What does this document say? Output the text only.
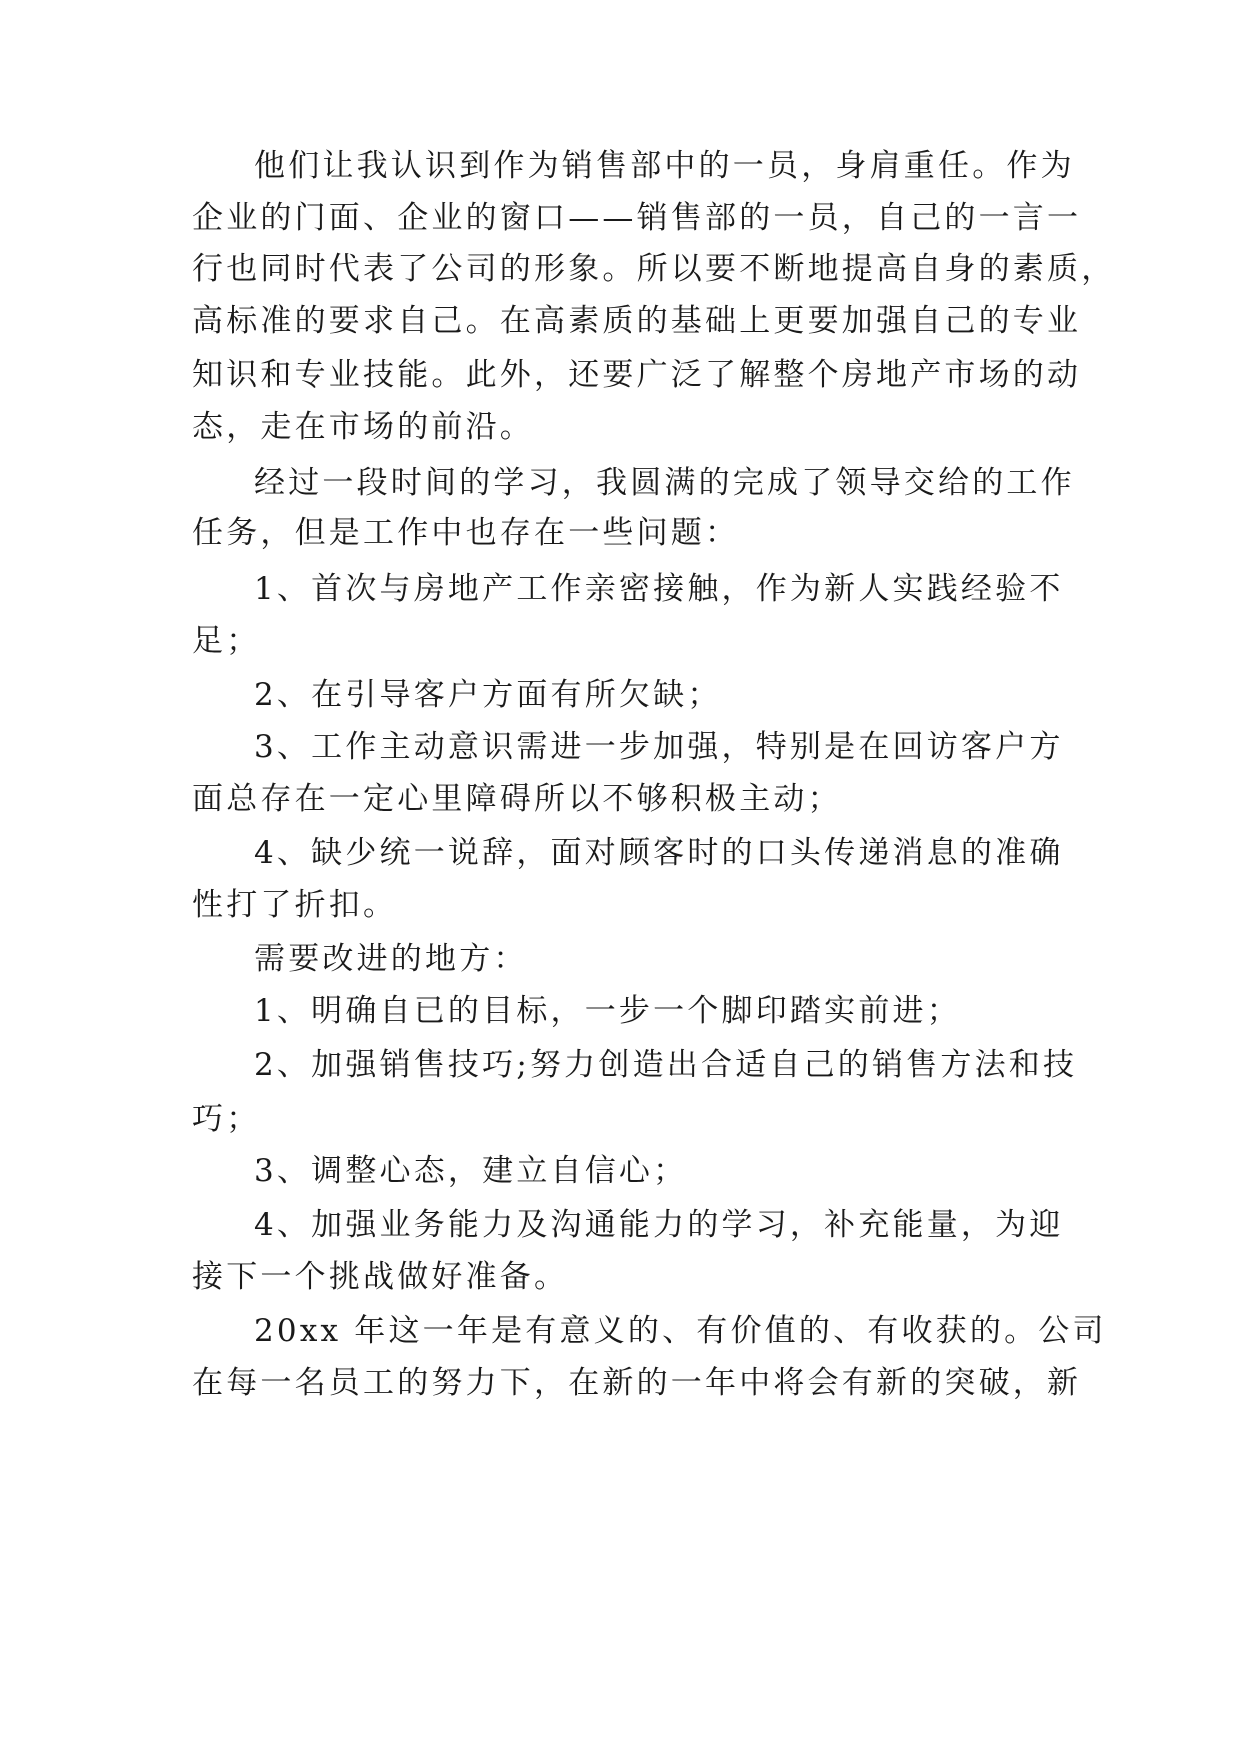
他们让我认识到作为销售部中的一员，身肩重任。作为
企业的门面、企业的窗口——销售部的一员，自己的一言一
行也同时代表了公司的形象。所以要不断地提高自身的素质，
高标准的要求自己。在高素质的基础上更要加强自己的专业
知识和专业技能。此外，还要广泛了解整个房地产市场的动
态，走在市场的前沿。
经过一段时间的学习，我圆满的完成了领导交给的工作
任务，但是工作中也存在一些问题：
1、首次与房地产工作亲密接触，作为新人实践经验不
足；
2、在引导客户方面有所欠缺；
3、工作主动意识需进一步加强，特别是在回访客户方
面总存在一定心里障碍所以不够积极主动；
4、缺少统一说辞，面对顾客时的口头传递消息的准确
性打了折扣。
需要改进的地方：
1、明确自已的目标，一步一个脚印踏实前进；
2、加强销售技巧;努力创造出合适自己的销售方法和技
巧；
3、调整心态，建立自信心；
4、加强业务能力及沟通能力的学习，补充能量，为迎
接下一个挑战做好准备。
20xx 年这一年是有意义的、有价值的、有收获的。公司
在每一名员工的努力下，在新的一年中将会有新的突破，新
